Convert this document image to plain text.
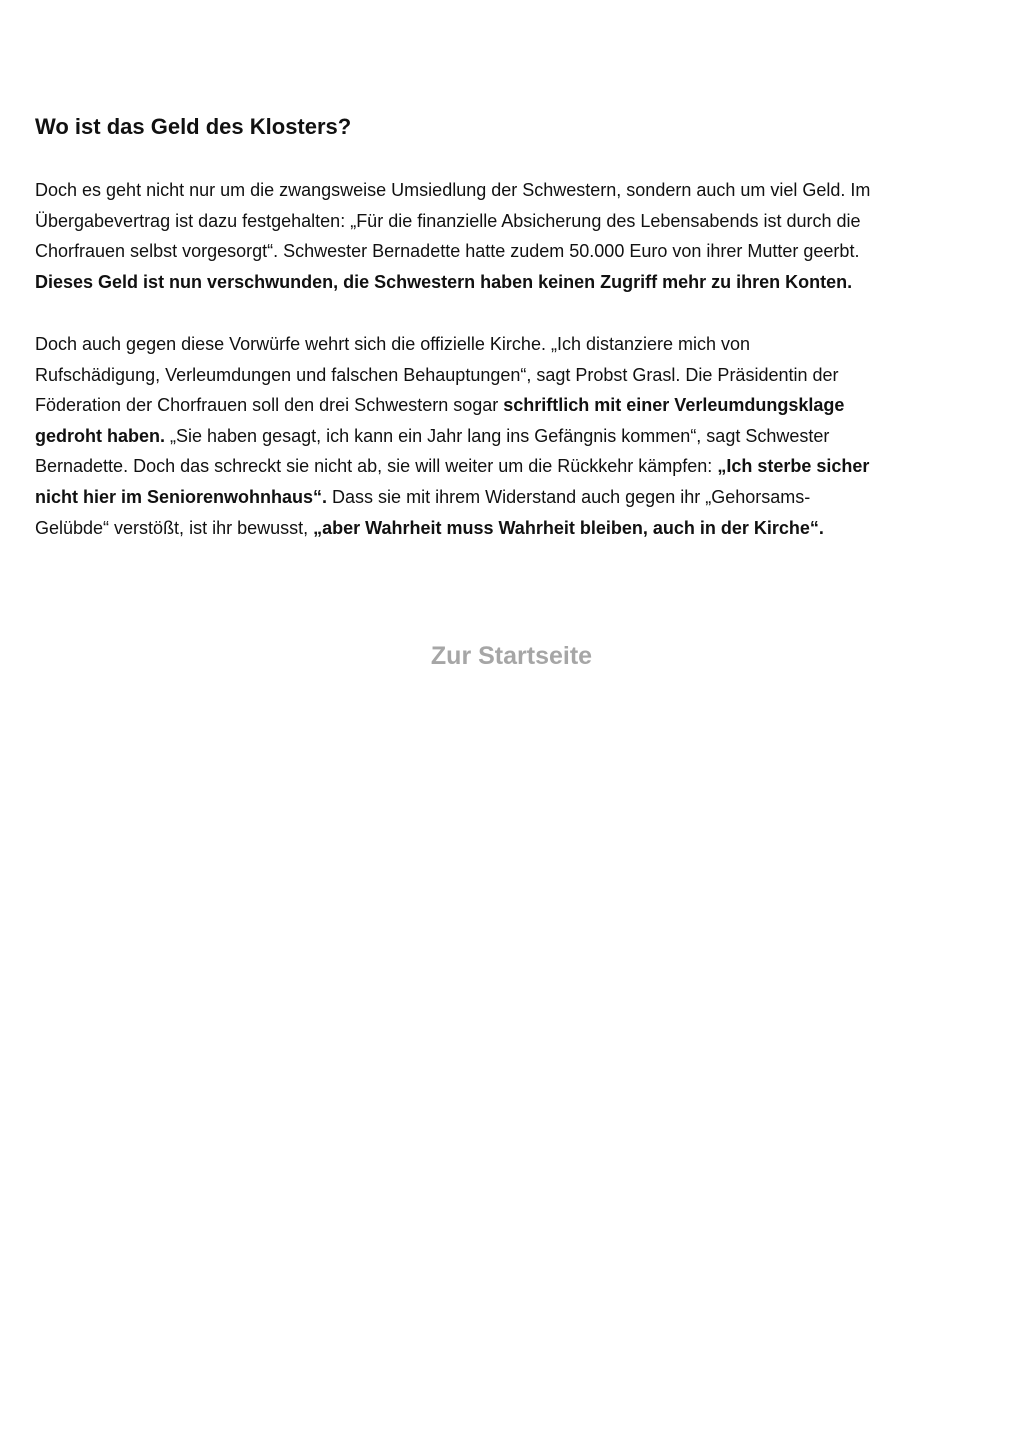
Wo ist das Geld des Klosters?

Doch es geht nicht nur um die zwangsweise Umsiedlung der Schwestern, sondern auch um viel Geld. Im
Übergabevertrag ist dazu festgehalten: „Für die finanzielle Absicherung des Lebensabends ist durch die
Chorfrauen selbst vorgesorgt“. Schwester Bernadette hatte zudem 50.000 Euro von ihrer Mutter geerbt.
Dieses Geld ist nun verschwunden, die Schwestern haben keinen Zugriff mehr zu ihren Konten.

Doch auch gegen diese Vorwürfe wehrt sich die offizielle Kirche. „Ich distanziere mich von
Rufschädigung, Verleumdungen und falschen Behauptungen“, sagt Probst Grasl. Die Präsidentin der
Föderation der Chorfrauen soll den drei Schwestern sogar schriftlich mit einer Verleumdungsklage
gedroht haben. „Sie haben gesagt, ich kann ein Jahr lang ins Gefängnis kommen“, sagt Schwester
Bernadette. Doch das schreckt sie nicht ab, sie will weiter um die Rückkehr kämpfen: „Ich sterbe sicher
nicht hier im Seniorenwohnhaus“. Dass sie mit ihrem Widerstand auch gegen ihr „Gehorsams-
Gelübde“ verstößt, ist ihr bewusst, „aber Wahrheit muss Wahrheit bleiben, auch in der Kirche“.

Zur Startseite
